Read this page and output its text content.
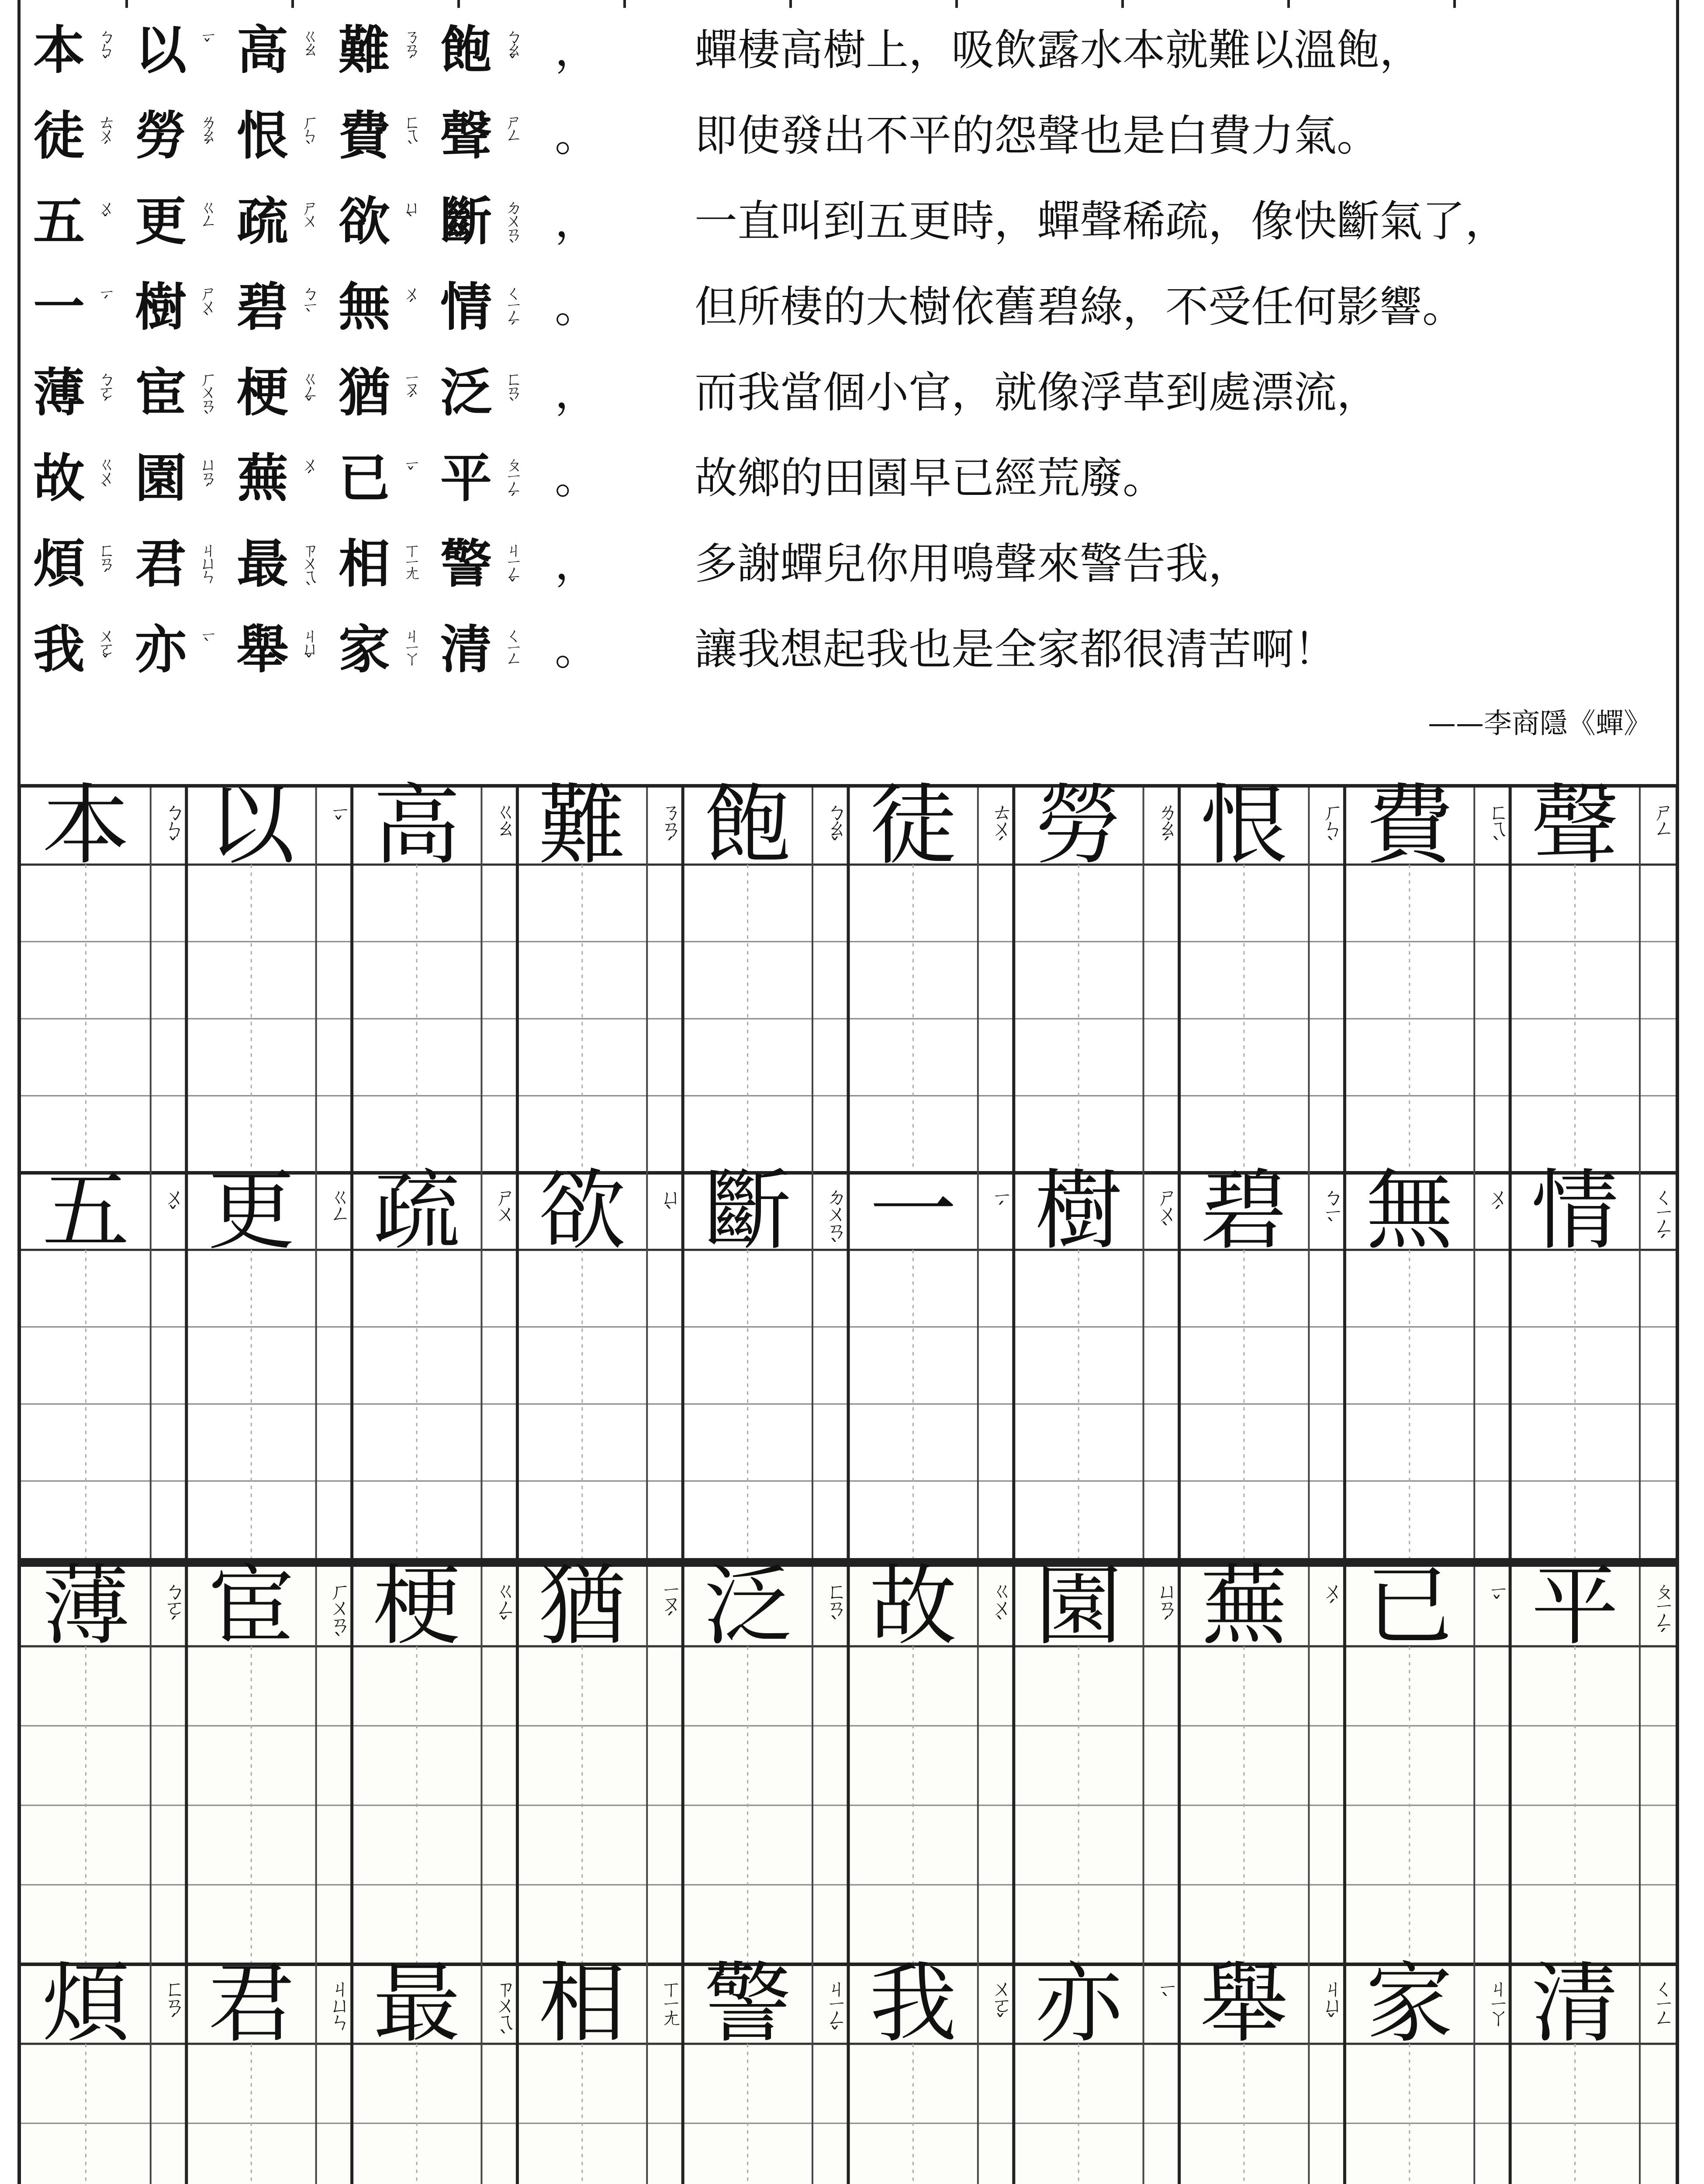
本 ㄅㄣˇ 以 ㄧˇ 高 ㄍㄠ 難 ㄋㄢˊ 飽 ㄅㄠˇ ， 蟬棲高樹上，吸飲露水本就難以溫飽，
徒 ㄊㄨˊ 勞 ㄌㄠˊ 恨 ㄏㄣˋ 費 ㄈㄟˋ 聲 ㄕㄥ 。 即使發出不平的怨聲也是白費力氣。
五 ㄨˇ 更 ㄍㄥ 疏 ㄕㄨ 欲 ㄩˋ 斷 ㄉㄨㄢˋ ， 一直叫到五更時，蟬聲稀疏，像快斷氣了，
一 ㄧˊ 樹 ㄕㄨˋ 碧 ㄅㄧˋ 無 ㄨˊ 情 ㄑㄧㄥˊ 。 但所棲的大樹依舊碧綠，不受任何影響。
薄 ㄅㄛˊ 宦 ㄏㄨㄢˋ 梗 ㄍㄥˇ 猶 ㄧㄡˊ 泛 ㄈㄢˋ ， 而我當個小官，就像浮草到處漂流，
故 ㄍㄨˋ 園 ㄩㄢˊ 蕪 ㄨˊ 已 ㄧˇ 平 ㄆㄧㄥˊ 。 故鄉的田園早已經荒廢。
煩 ㄈㄢˊ 君 ㄐㄩㄣ 最 ㄗㄨㄟˋ 相 ㄒㄧㄤ 警 ㄐㄧㄥˇ ， 多謝蟬兒你用鳴聲來警告我，
我 ㄨㄛˇ 亦 ㄧˋ 舉 ㄐㄩˇ 家 ㄐㄧㄚ 清 ㄑㄧㄥ 。 讓我想起我也是全家都很清苦啊！
——李商隱《蟬》
本	ㄅㄣˇ 以	ㄧˇ 高	ㄍㄠ 難	ㄋㄢˊ 飽	ㄅㄠˇ 徒	ㄊㄨˊ 勞	ㄌㄠˊ 恨	ㄏㄣˋ 費	ㄈㄟˋ 聲	ㄕㄥ
五	ㄨˇ 更	ㄍㄥ 疏	ㄕㄨ 欲	ㄩˋ 斷	ㄉㄨㄢˋ 一	ㄧˊ 樹	ㄕㄨˋ 碧	ㄅㄧˋ 無	ㄨˊ 情	ㄑㄧㄥˊ
薄	ㄅㄛˊ 宦	ㄏㄨㄢˋ 梗	ㄍㄥˇ 猶	ㄧㄡˊ 泛	ㄈㄢˋ 故	ㄍㄨˋ 園	ㄩㄢˊ 蕪	ㄨˊ 已	ㄧˇ 平	ㄆㄧㄥˊ
煩	ㄈㄢˊ 君	ㄐㄩㄣ 最	ㄗㄨㄟˋ 相	ㄒㄧㄤ 警	ㄐㄧㄥˇ 我	ㄨㄛˇ 亦	ㄧˋ 舉	ㄐㄩˇ 家	ㄐㄧㄚ 清	ㄑㄧㄥ
